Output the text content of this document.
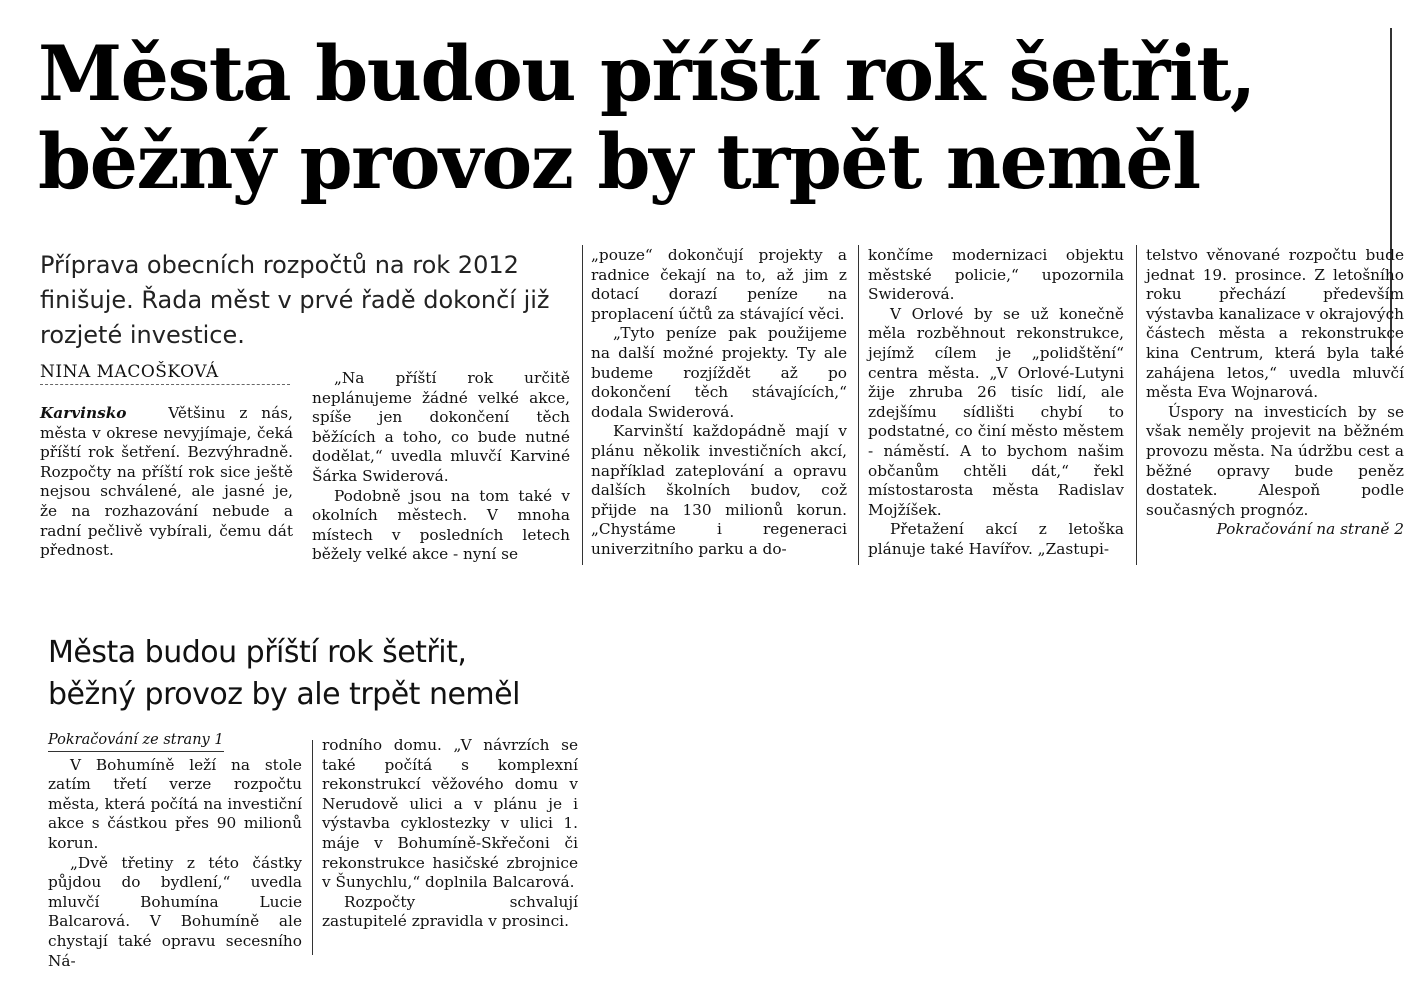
Města budou příští rok šetřit,
běžný provoz by trpět neměl
Příprava obecních rozpočtů na rok 2012 finišuje. Řada měst v prvé řadě dokončí již rozjeté investice.
NINA MACOŠKOVÁ

Karvinsko	Většinu z nás, města v okrese nevyjímaje, čeká příští rok šetření. Bezvýhradně. Rozpočty na příští rok sice ještě nejsou schválené, ale jasné je, že na rozhazování nebude a radní pečlivě vybírali, čemu dát přednost.

„Na příští rok určitě neplánujeme žádné velké akce, spíše jen dokončení těch běžících a toho, co bude nutné dodělat,“ uvedla mluvčí Karviné Šárka Swiderová.

Podobně jsou na tom také v okolních městech. V mnoha místech v posledních letech běžely velké akce - nyní se

„pouze“ dokončují projekty a radnice čekají na to, až jim z dotací dorazí peníze na proplacení účtů za stávající věci.

„Tyto peníze pak použijeme na další možné projekty. Ty ale budeme rozjíždět až po dokončení těch stávajících,“ dodala Swiderová.

Karvinští každopádně mají v plánu několik investičních akcí, například zateplování a opravu dalších školních budov, což přijde na 130 milionů korun. „Chystáme i regeneraci univerzitního parku a do-

končíme modernizaci objektu městské policie,“ upozornila Swiderová.

V Orlové by se už konečně měla rozběhnout rekonstrukce, jejímž cílem je „polidštění“ centra města. „V Orlové-Lutyni žije zhruba 26 tisíc lidí, ale zdejšímu sídlišti chybí to podstatné, co činí město městem - náměstí. A to bychom našim občanům chtěli dát,“ řekl místostarosta města Radislav Mojžíšek.

Přetažení akcí z letoška plánuje také Havířov. „Zastupi-

telstvo věnované rozpočtu bude jednat 19. prosince. Z letošního roku přechází především výstavba kanalizace v okrajových částech města a rekonstrukce kina Centrum, která byla také zahájena letos,“ uvedla mluvčí města Eva Wojnarová.

Úspory na investicích by se však neměly projevit na běžném provozu města. Na údržbu cest a běžné opravy bude peněz dostatek. Alespoň podle současných prognóz.

Pokračování na straně 2

Města budou příští rok šetřit,
běžný provoz by ale trpět neměl

Pokračování ze strany 1

V Bohumíně leží na stole zatím třetí verze rozpočtu města, která počítá na investiční akce s částkou přes 90 milionů korun.

„Dvě třetiny z této částky půjdou do bydlení,“ uvedla mluvčí Bohumína Lucie Balcarová. V Bohumíně ale chystají také opravu secesního Ná-

rodního domu. „V návrzích se také počítá s komplexní rekonstrukcí věžového domu v Nerudově ulici a v plánu je i výstavba cyklostezky v ulici 1. máje v Bohumíně-Skřečoni či rekonstrukce hasičské zbrojnice v Šunychlu,“ doplnila Balcarová.

Rozpočty schvalují zastupitelé zpravidla v prosinci.
